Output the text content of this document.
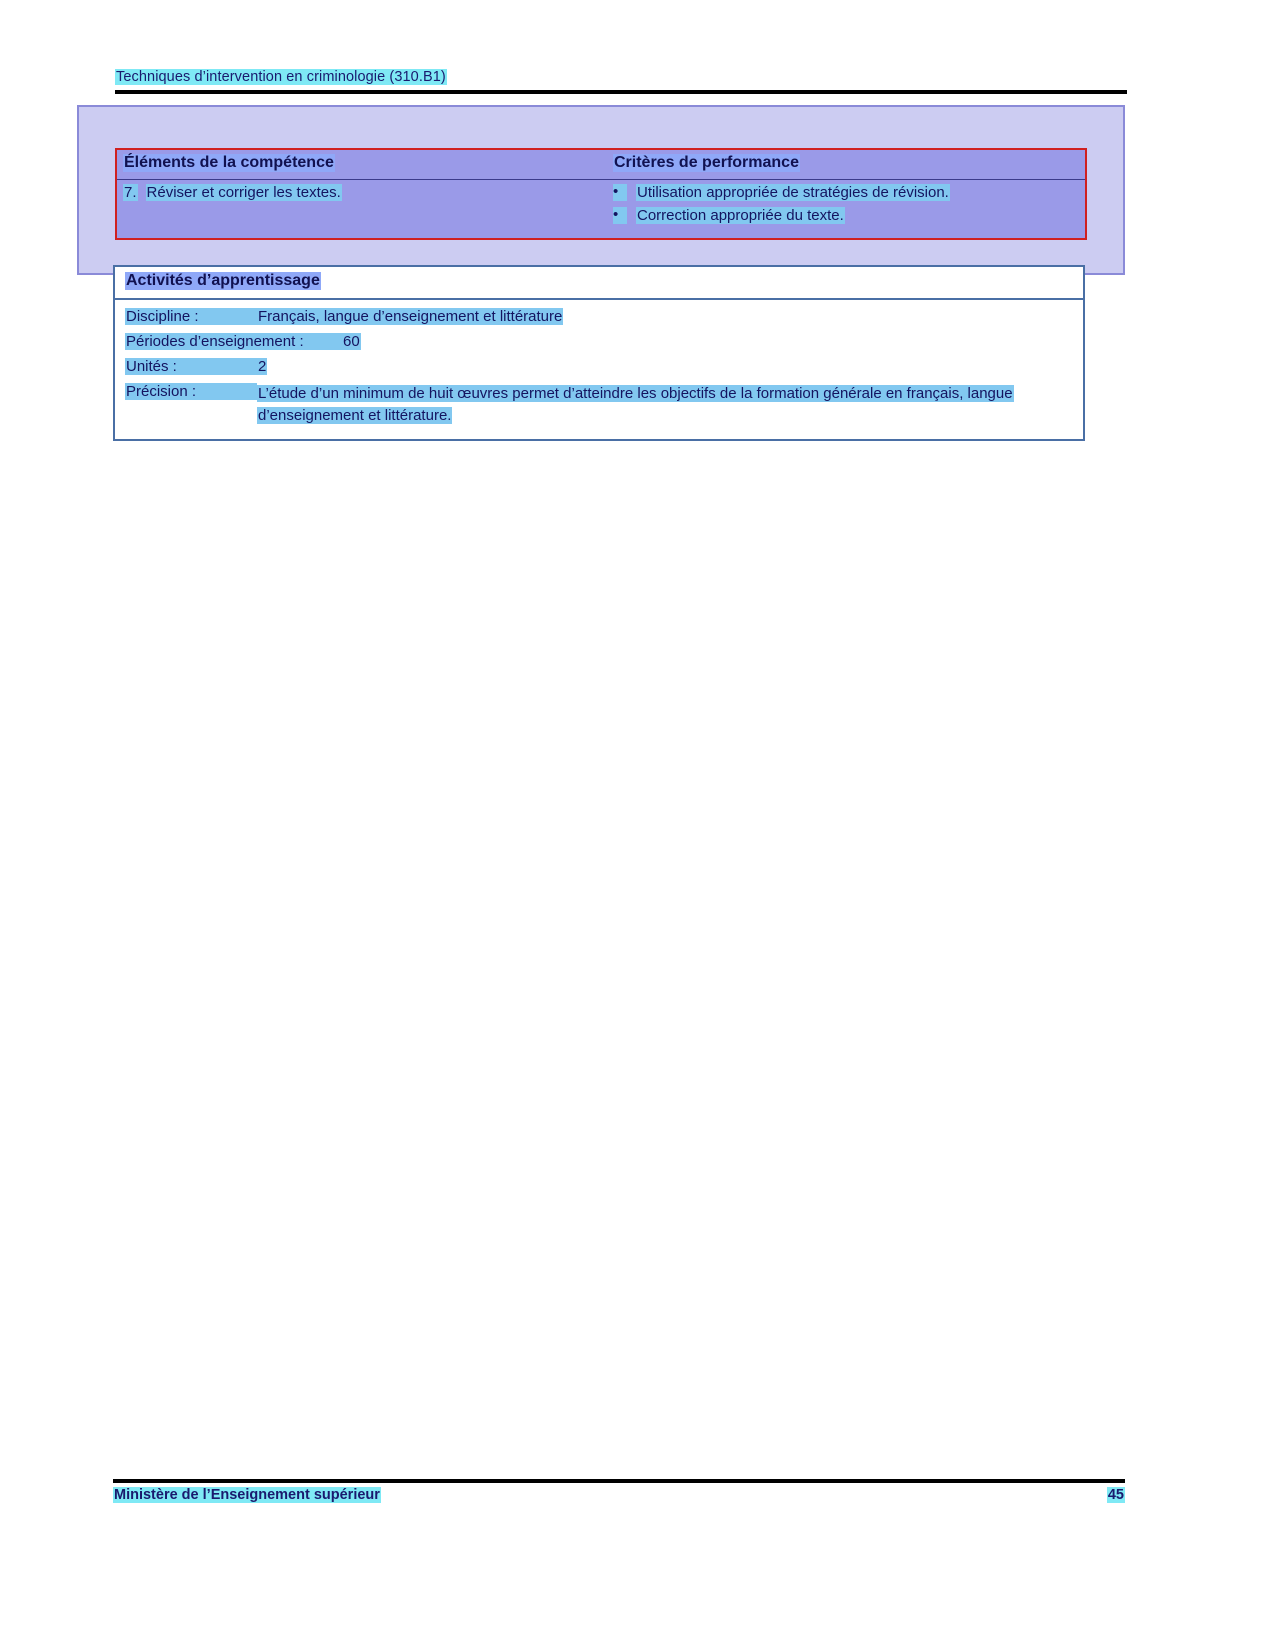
Techniques d’intervention en criminologie (310.B1)
Éléments de la compétence	Critères de performance
7. Réviser et corriger les textes.	•	Utilisation appropriée de stratégies de révision.
•	Correction appropriée du texte.
Activités d’apprentissage
Discipline :	Français, langue d’enseignement et littérature
Périodes d’enseignement :	60
Unités :	2
Précision :	L’étude d’un minimum de huit œuvres permet d’atteindre les objectifs de la formation générale en français, langue d’enseignement et littérature.
Ministère de l’Enseignement supérieur	45
